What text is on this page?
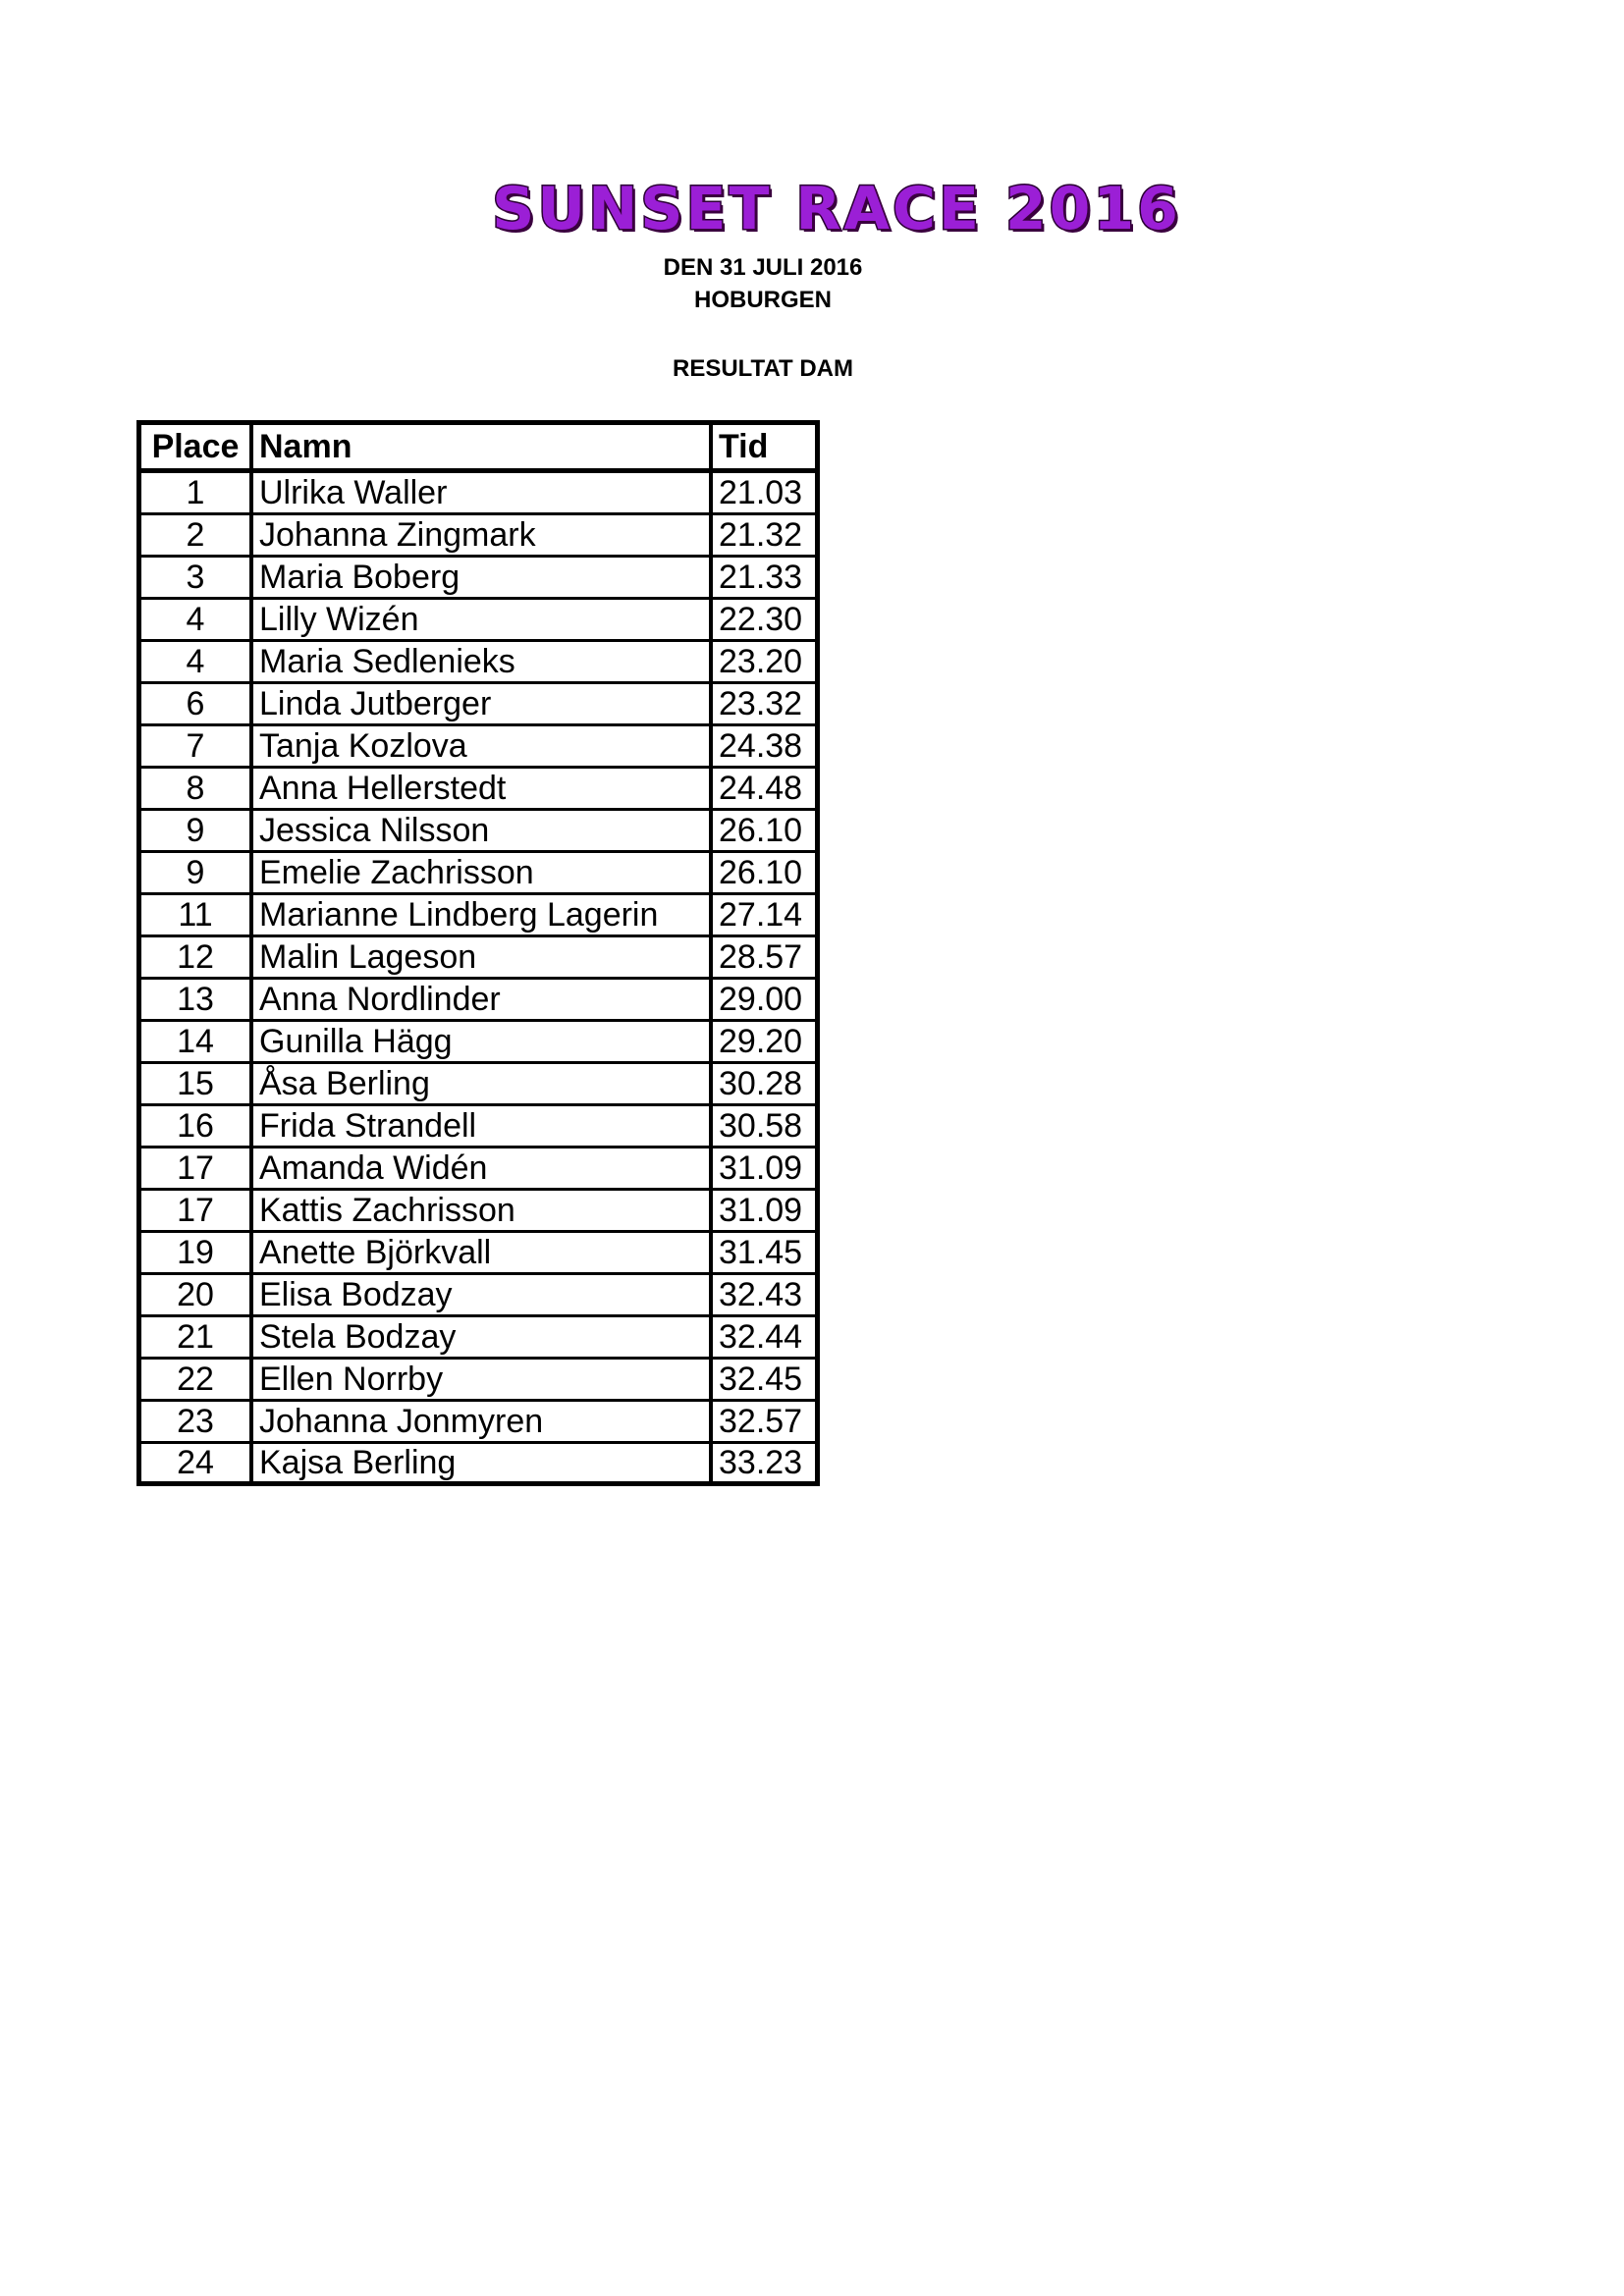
SUNSET RACE 2016
DEN 31 JULI 2016
HOBURGEN
RESULTAT DAM
Place	Namn	Tid
1	Ulrika Waller	21.03
2	Johanna Zingmark	21.32
3	Maria Boberg	21.33
4	Lilly Wizén	22.30
4	Maria Sedlenieks	23.20
6	Linda Jutberger	23.32
7	Tanja Kozlova	24.38
8	Anna Hellerstedt	24.48
9	Jessica Nilsson	26.10
9	Emelie Zachrisson	26.10
11	Marianne Lindberg Lagerin	27.14
12	Malin Lageson	28.57
13	Anna Nordlinder	29.00
14	Gunilla Hägg	29.20
15	Åsa Berling	30.28
16	Frida Strandell	30.58
17	Amanda Widén	31.09
17	Kattis Zachrisson	31.09
19	Anette Björkvall	31.45
20	Elisa Bodzay	32.43
21	Stela Bodzay	32.44
22	Ellen Norrby	32.45
23	Johanna Jonmyren	32.57
24	Kajsa Berling	33.23
